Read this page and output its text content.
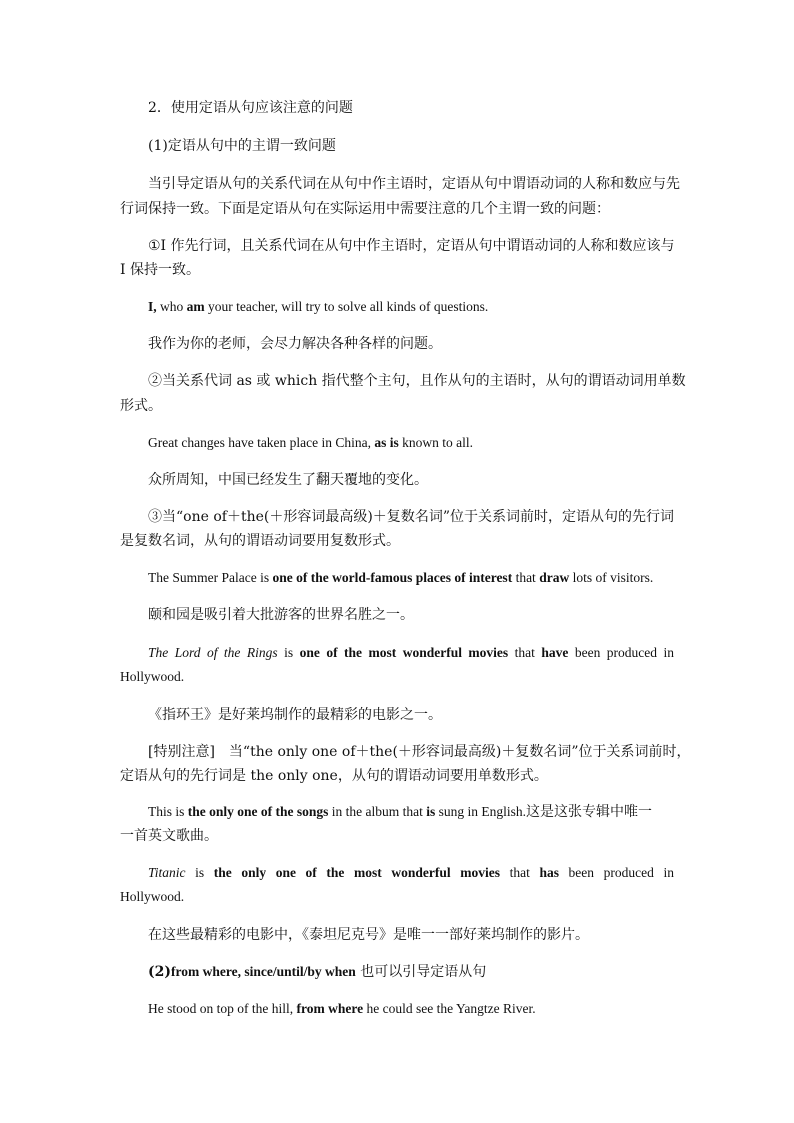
2．使用定语从句应该注意的问题
(1)定语从句中的主谓一致问题
当引导定语从句的关系代词在从句中作主语时，定语从句中谓语动词的人称和数应与先
行词保持一致。下面是定语从句在实际运用中需要注意的几个主谓一致的问题：
①I 作先行词，且关系代词在从句中作主语时，定语从句中谓语动词的人称和数应该与
I 保持一致。
I, who am your teacher, will try to solve all kinds of questions.
我作为你的老师，会尽力解决各种各样的问题。
②当关系代词 as 或 which 指代整个主句，且作从句的主语时，从句的谓语动词用单数
形式。
Great changes have taken place in China, as is known to all.
众所周知，中国已经发生了翻天覆地的变化。
③当“one of＋the(＋形容词最高级)＋复数名词”位于关系词前时，定语从句的先行词
是复数名词，从句的谓语动词要用复数形式。
The Summer Palace is one of the world-famous places of interest that draw lots of visitors.
颐和园是吸引着大批游客的世界名胜之一。
The Lord of the Rings is one of the most wonderful movies that have been produced in
Hollywood.
《指环王》是好莱坞制作的最精彩的电影之一。
[特别注意]　当“the only one of＋the(＋形容词最高级)＋复数名词”位于关系词前时，
定语从句的先行词是 the only one，从句的谓语动词要用单数形式。
This is the only one of the songs in the album that is sung in English.这是这张专辑中唯一
一首英文歌曲。
Titanic is the only one of the most wonderful movies that has been produced in
Hollywood.
在这些最精彩的电影中，《泰坦尼克号》是唯一一部好莱坞制作的影片。
(2)from where, since/until/by when 也可以引导定语从句
He stood on top of the hill, from where he could see the Yangtze River.
